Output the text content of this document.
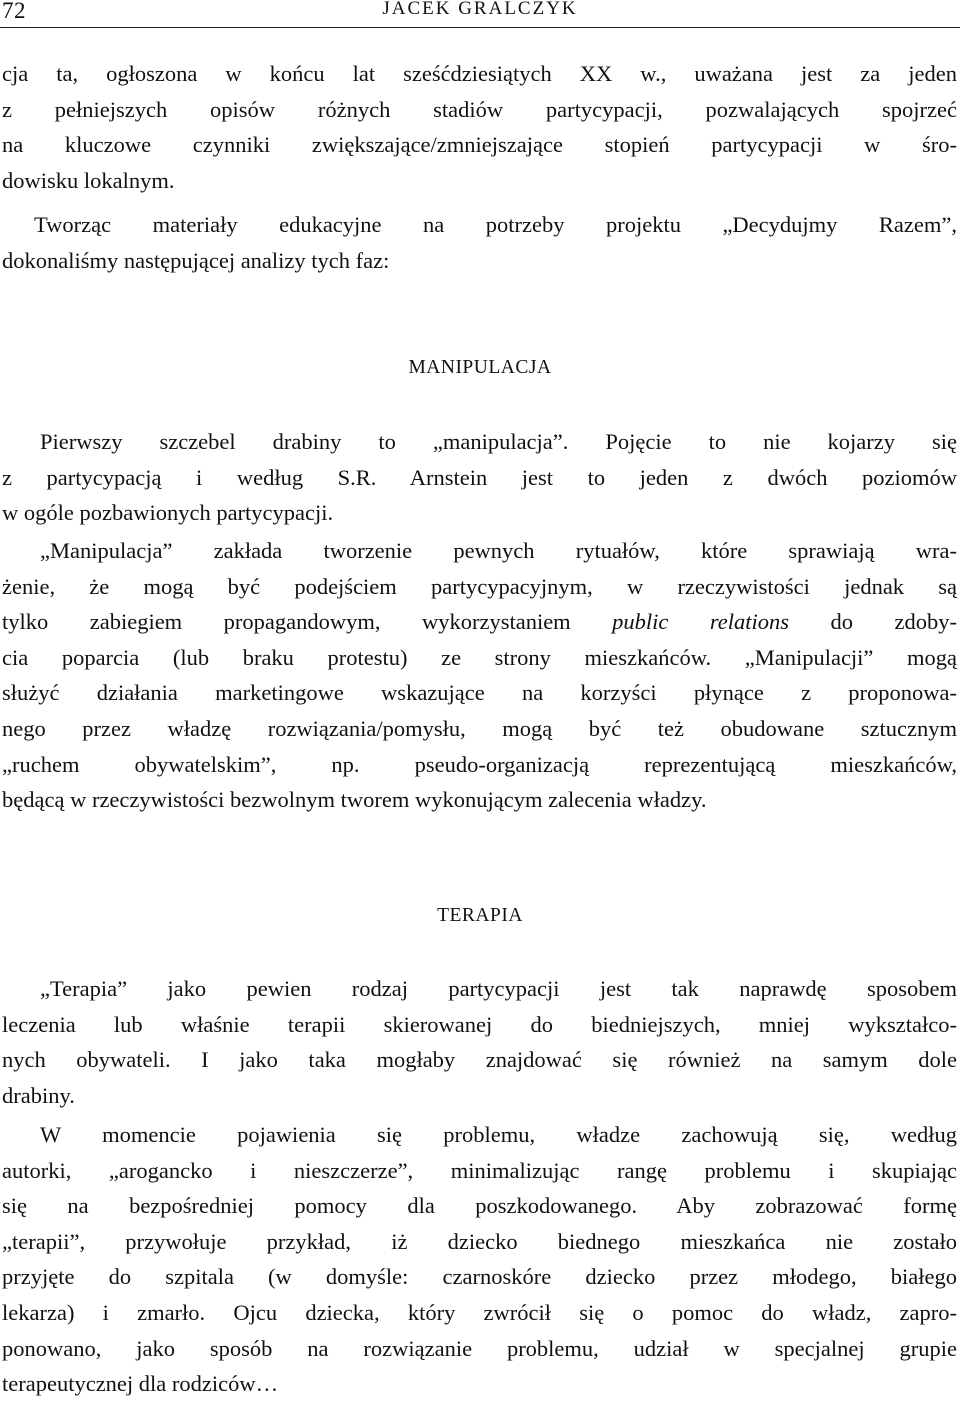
72	JACEK GRALCZYK
cja ta, ogłoszona w końcu lat sześćdziesiątych XX w., uważana jest za jeden
z pełniejszych opisów różnych stadiów partycypacji, pozwalających spojrzeć
na kluczowe czynniki zwiększające/zmniejszające stopień partycypacji w śro-
dowisku lokalnym.
Tworząc materiały edukacyjne na potrzeby projektu „Decydujmy Razem”,
dokonaliśmy następującej analizy tych faz:
MANIPULACJA
Pierwszy szczebel drabiny to „manipulacja”. Pojęcie to nie kojarzy się
z partycypacją i według S.R. Arnstein jest to jeden z dwóch poziomów
w ogóle pozbawionych partycypacji.
„Manipulacja” zakłada tworzenie pewnych rytuałów, które sprawiają wra-
żenie, że mogą być podejściem partycypacyjnym, w rzeczywistości jednak są
tylko zabiegiem propagandowym, wykorzystaniem public relations do zdoby-
cia poparcia (lub braku protestu) ze strony mieszkańców. „Manipulacji” mogą
służyć działania marketingowe wskazujące na korzyści płynące z proponowa-
nego przez władzę rozwiązania/pomysłu, mogą być też obudowane sztucznym
„ruchem obywatelskim”, np. pseudo-organizacją reprezentującą mieszkańców,
będącą w rzeczywistości bezwolnym tworem wykonującym zalecenia władzy.
TERAPIA
„Terapia” jako pewien rodzaj partycypacji jest tak naprawdę sposobem
leczenia lub właśnie terapii skierowanej do biedniejszych, mniej wykształco-
nych obywateli. I jako taka mogłaby znajdować się również na samym dole
drabiny.
W momencie pojawienia się problemu, władze zachowują się, według
autorki, „arogancko i nieszczerze”, minimalizując rangę problemu i skupiając
się na bezpośredniej pomocy dla poszkodowanego. Aby zobrazować formę
„terapii”, przywołuje przykład, iż dziecko biednego mieszkańca nie zostało
przyjęte do szpitala (w domyśle: czarnoskóre dziecko przez młodego, białego
lekarza) i zmarło. Ojcu dziecka, który zwrócił się o pomoc do władz, zapro-
ponowano, jako sposób na rozwiązanie problemu, udział w specjalnej grupie
terapeutycznej dla rodziców…
